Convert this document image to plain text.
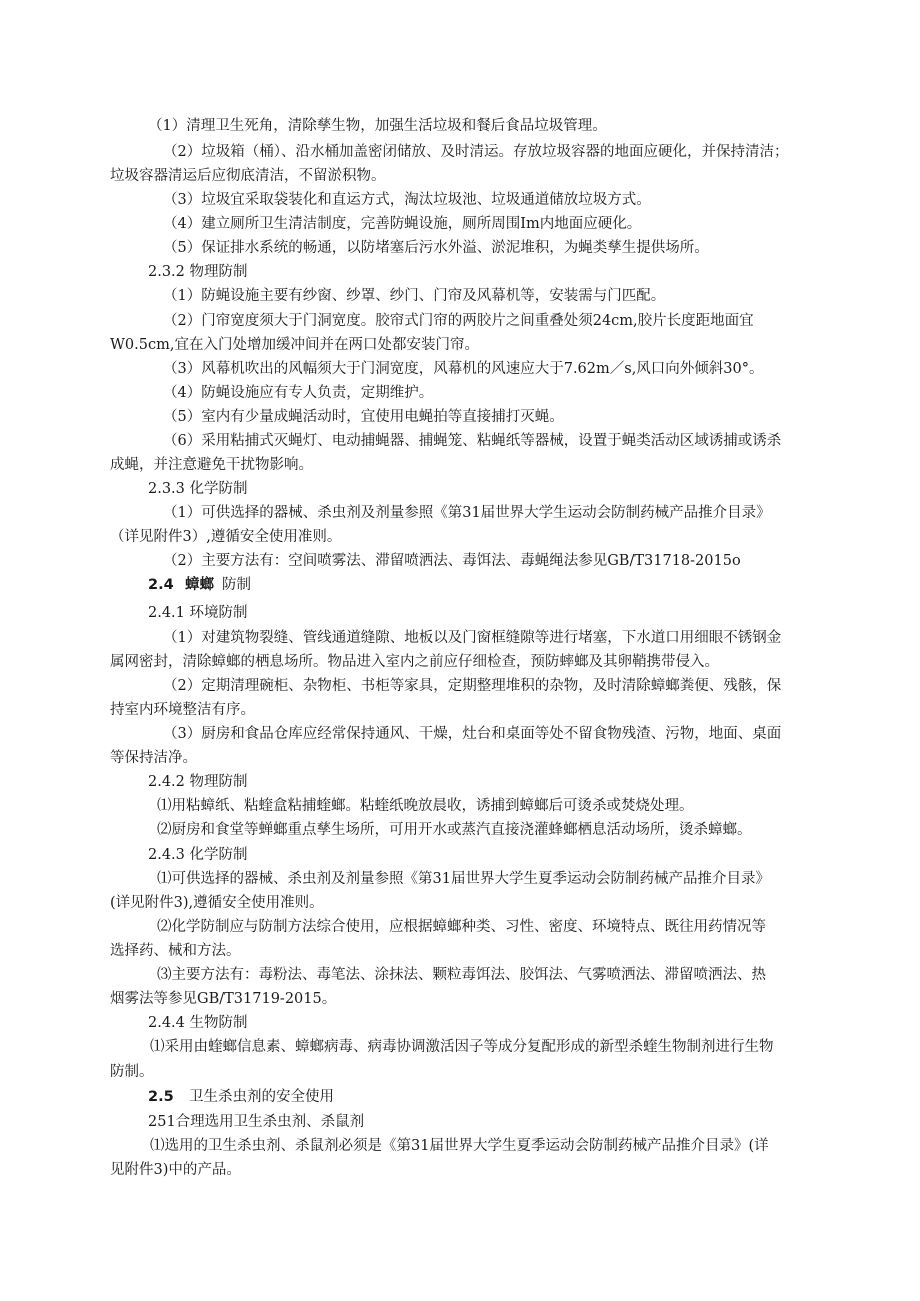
（1）清理卫生死角，清除孳生物，加强生活垃圾和餐后食品垃圾管理。
（2）垃圾箱（桶）、沿水桶加盖密闭储放、及时清运。存放垃圾容器的地面应硬化，并保持清洁；
垃圾容器清运后应彻底清洁，不留淤积物。
（3）垃圾宜采取袋装化和直运方式，淘汰垃圾池、垃圾通道储放垃圾方式。
（4）建立厕所卫生清洁制度，完善防蝇设施，厕所周围Im内地面应硬化。
（5）保证排水系统的畅通，以防堵塞后污水外溢、淤泥堆积，为蝇类孳生提供场所。
2.3.2 物理防制
（1）防蝇设施主要有纱窗、纱罩、纱门、门帘及风幕机等，安装需与门匹配。
（2）门帘宽度须大于门洞宽度。胶帘式门帘的两胶片之间重叠处须24cm,胶片长度距地面宜
W0.5cm,宜在入门处增加缓冲间并在两口处都安装门帘。
（3）风幕机吹出的风幅须大于门洞宽度，风幕机的风速应大于7.62m／s,风口向外倾斜30°。
（4）防蝇设施应有专人负责，定期维护。
（5）室内有少量成蝇活动时，宜使用电蝇拍等直接捕打灭蝇。
（6）采用粘捕式灭蝇灯、电动捕蝇器、捕蝇笼、粘蝇纸等器械，设置于蝇类活动区域诱捕或诱杀
成蝇，并注意避免干扰物影响。
2.3.3 化学防制
（1）可供选择的器械、杀虫剂及剂量参照《第31届世界大学生运动会防制药械产品推介目录》
（详见附件3）,遵循安全使用准则。
（2）主要方法有：空间喷雾法、滞留喷洒法、毒饵法、毒蝇绳法参见GB/T31718-2015o
2.4 蟑螂 防制
2.4.1 环境防制
（1）对建筑物裂缝、管线通道缝隙、地板以及门窗框缝隙等进行堵塞，下水道口用细眼不锈钢金
属网密封，清除蟑螂的栖息场所。物品进入室内之前应仔细检查，预防蟀螂及其卵鞘携带侵入。
（2）定期清理碗柜、杂物柜、书柜等家具，定期整理堆积的杂物，及时清除蟑螂粪便、残骸，保
持室内环境整洁有序。
（3）厨房和食品仓库应经常保持通风、干燥，灶台和桌面等处不留食物残渣、污物，地面、桌面
等保持洁净。
2.4.2 物理防制
⑴用粘蟑纸、粘蝰盒粘捕蝰螂。粘蝰纸晚放晨收，诱捕到蟑螂后可烫杀或焚烧处理。
⑵厨房和食堂等蝉螂重点孳生场所，可用开水或蒸汽直接浇灌蜂螂栖息活动场所，烫杀蟑螂。
2.4.3 化学防制
⑴可供选择的器械、杀虫剂及剂量参照《第31届世界大学生夏季运动会防制药械产品推介目录》
(详见附件3),遵循安全使用准则。
⑵化学防制应与防制方法综合使用，应根据蟑螂种类、习性、密度、环境特点、既往用药情况等
选择药、械和方法。
⑶主要方法有：毒粉法、毒笔法、涂抹法、颗粒毒饵法、胶饵法、气雾喷洒法、滞留喷洒法、热
烟雾法等参见GB/T31719-2015。
2.4.4 生物防制
⑴采用由蝰螂信息素、蟑螂病毒、病毒协调激活因子等成分复配形成的新型杀蝰生物制剂进行生物
防制。
2.5 卫生杀虫剂的安全使用
251合理选用卫生杀虫剂、杀鼠剂
⑴选用的卫生杀虫剂、杀鼠剂必须是《第31届世界大学生夏季运动会防制药械产品推介目录》(详
见附件3)中的产品。
